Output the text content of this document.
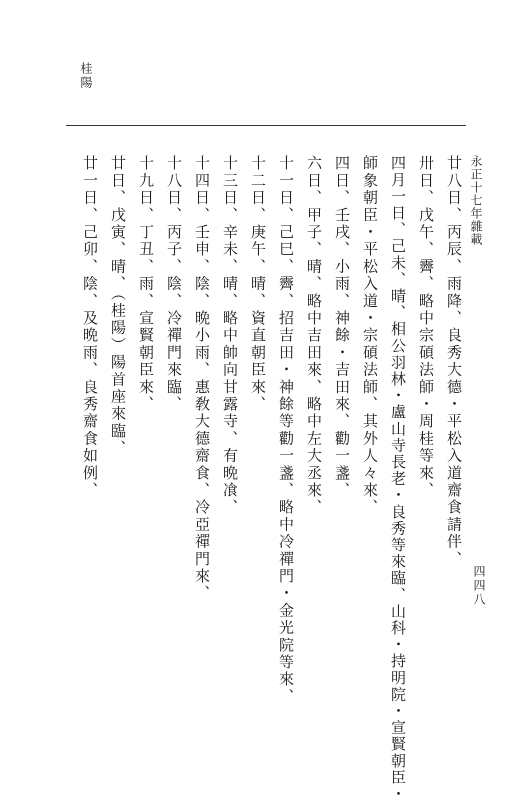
桂陽
永正十七年雜載
四四八
廿八日、丙辰、雨降、良秀大德・平松入道齋食請伴、
卅日、戊午、霽、略中宗碩法師・周桂等來、
四月一日、己未、晴、相公羽林・盧山寺長老・良秀等來臨、山科・持明院・宣賢朝臣・
師象朝臣・平松入道・宗碩法師、其外人々來、
四日、壬戌、小雨、神餘・吉田來、勸一盞、
六日、甲子、晴、略中吉田來、略中左大丞來、
十一日、己巳、霽、招吉田・神餘等勸一盞、略中冷禪門・金光院等來、
十二日、庚午、晴、資直朝臣來、
十三日、辛未、晴、略中帥向甘露寺、有晩飡、
十四日、壬申、陰、晩小雨、惠敎大德齋食、冷亞禪門來、
十八日、丙子、陰、冷禪門來臨、
十九日、丁丑、雨、宣賢朝臣來、
廿日、戊寅、晴、（桂陽）陽首座來臨、
廿一日、己卯、陰、及晩雨、良秀齋食如例、
